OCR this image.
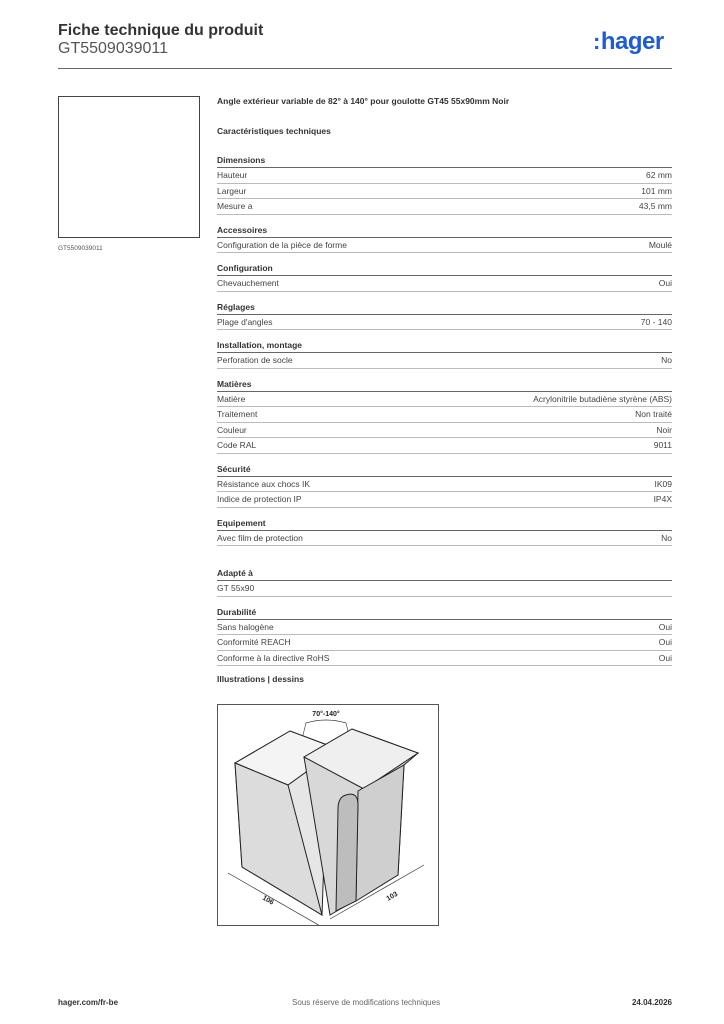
Fiche technique du produit
GT5509039011	:hager
GT5509039011
Angle extérieur variable de 82° à 140° pour goulotte GT45 55x90mm Noir
Caractéristiques techniques
Dimensions
Hauteur	62 mm
Largeur	101 mm
Mesure a	43,5 mm
Accessoires
Configuration de la pièce de forme	Moulé
Configuration
Chevauchement	Oui
Réglages
Plage d'angles	70 - 140
Installation, montage
Perforation de socle	No
Matières
Matière	Acrylonitrile butadiène styrène (ABS)
Traitement	Non traité
Couleur	Noir
Code RAL	9011
Sécurité
Résistance aux chocs IK	IK09
Indice de protection IP	IP4X
Equipement
Avec film de protection	No
Adapté à
GT 55x90
Durabilité
Sans halogène	Oui
Conformité REACH	Oui
Conforme à la directive RoHS	Oui
Illustrations | dessins
70°-140°
106	103
hager.com/fr-be	Sous réserve de modifications techniques	24.04.2026
